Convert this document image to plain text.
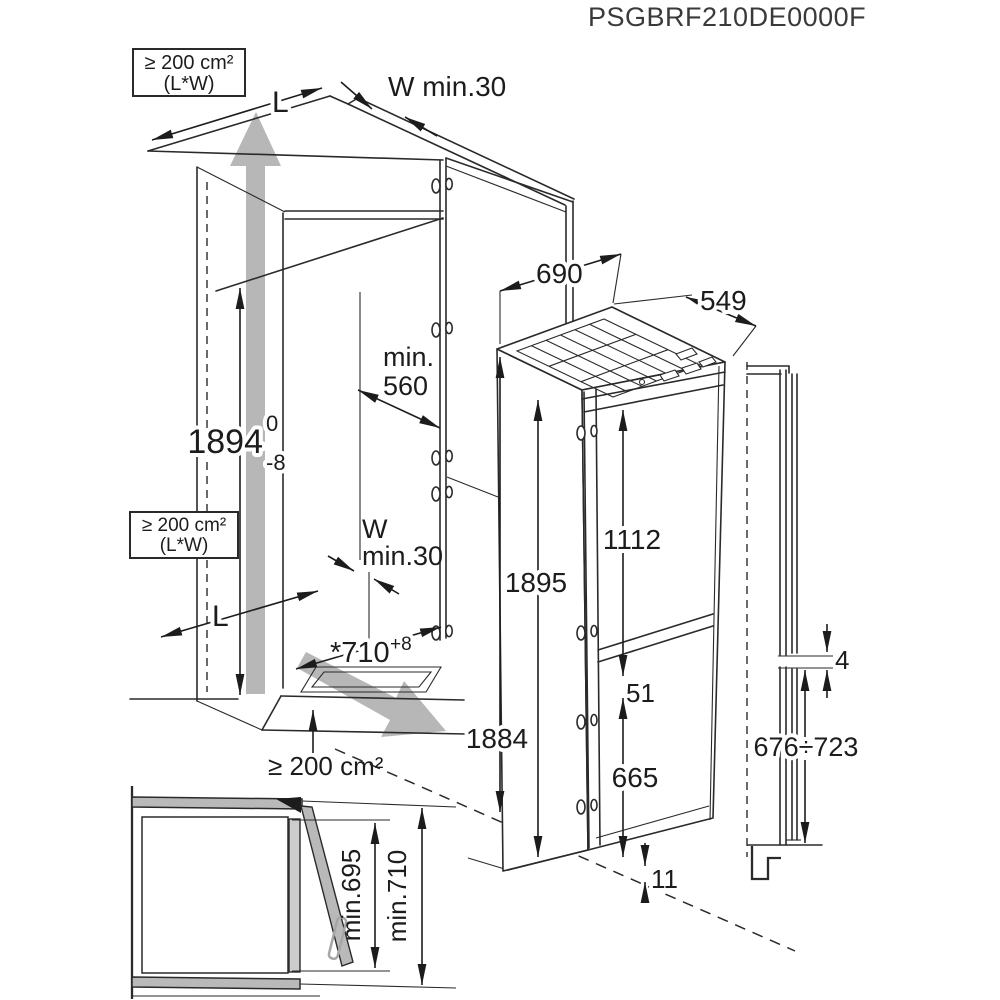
PSGBRF210DE0000F
≥ 200 cm²
(L*W)
L	W min.30
min.
560
1894 0
-8
≥ 200 cm²
(L*W)
W
min.30
L
*710 +8
≥ 200 cm²
690
549
1884
1895
1112
51
665
11
4
676÷723
min.695 min.710
